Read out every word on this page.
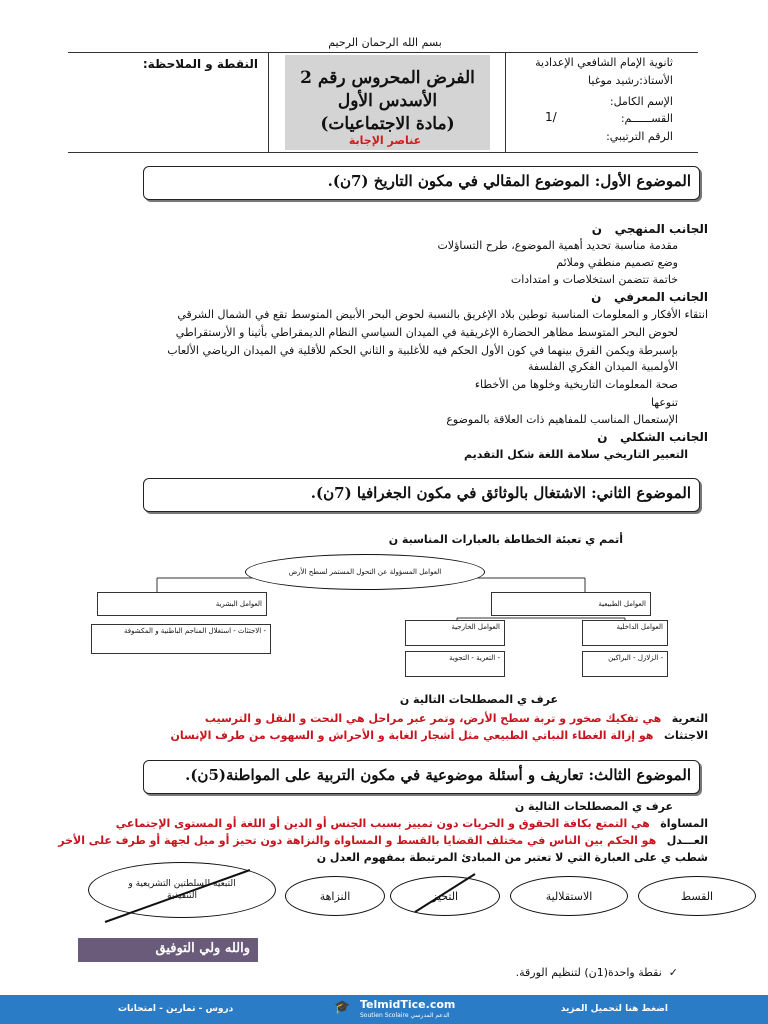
بسم الله الرحمان الرحيم
ثانوية الإمام الشافعي الإعدادية
الأستاذ:رشيد موغيا
الإسم الكامل:
القســــــم:
1/
الرقم الترتيبي:
النقطة و الملاحظة:
الفرض المحروس رقم 2
الأسدس الأول
(مادة الاجتماعيات)
عناصر الإجابة
الموضوع الأول: الموضوع المقالي في مكون التاريخ (7ن).
الجانب المنهجي   ن
مقدمة مناسبة تحديد أهمية الموضوع، طرح التساؤلات
وضع تصميم منطقي وملائم
خاتمة تتضمن استخلاصات و امتدادات
الجانب المعرفي   ن
انتقاء الأفكار و المعلومات المناسبة توطين بلاد الإغريق بالنسبة لحوض البحر الأبيض المتوسط تقع في الشمال الشرقي
لحوض البحر المتوسط مظاهر الحضارة الإغريقية في الميدان السياسي النظام الديمقراطي بأثينا و الأرستقراطي
بإسبرطة ويكمن الفرق بينهما في كون الأول الحكم فيه للأغلبية و الثاني الحكم للأقلية في الميدان الرياضي الألعاب
الأولمبية الميدان الفكري الفلسفة
صحة المعلومات التاريخية وخلوها من الأخطاء
تنوعها
الإستعمال المناسب للمفاهيم ذات العلاقة بالموضوع
الجانب الشكلي   ن
التعبير التاريخي سلامة اللغة شكل التقديم
الموضوع الثاني: الاشتغال بالوثائق في مكون الجغرافيا (7ن).
أتمم ي تعبئة الخطاطة بالعبارات المناسبة ن
العوامل المسؤولة عن التحول المستمر لسطح الأرض
العوامل البشرية
- الاجتثاث - استغلال المناجم الباطنية و المكشوفة
العوامل الطبيعية
العوامل الخارجية	العوامل الداخلية
- التعرية - التجوية	- الزلازل - البراكين
عرف ي المصطلحات التالية ن
التعرية   هي تفكيك صخور و تربة سطح الأرض، وتمر عبر مراحل هي النحت و النقل و الترسيب
الاجتثاث   هو إزالة الغطاء النباتي الطبيعي مثل أشجار الغابة و الأحراش و السهوب من طرف الإنسان
الموضوع الثالث: تعاريف و أسئلة موضوعية في مكون التربية على المواطنة(5ن).
عرف ي المصطلحات التالية ن
المساواة   هي التمتع بكافة الحقوق و الحريات دون تمييز بسبب الجنس أو الدين أو اللغة أو المستوى الإجتماعي
العـــدل   هو الحكم بين الناس في مختلف القضايا بالقسط و المساواة والنزاهة دون تحيز أو ميل لجهة أو طرف على الأخر
شطب ي على العبارة التي لا تعتبر من المبادئ المرتبطة بمفهوم العدل ن
القسط
الاستقلالية
التحيز
النزاهة
التبعية للسلطتين التشريعية و التنفيذية
والله ولي التوفيق
✓  نقطة واحدة(1ن) لتنظيم الورقة.
اضغط هنا لتحميل المزيد
🎓 TelmidTice.com
Soutien Scolaire الدعم المدرسي
دروس - تمارين - امتحانات
